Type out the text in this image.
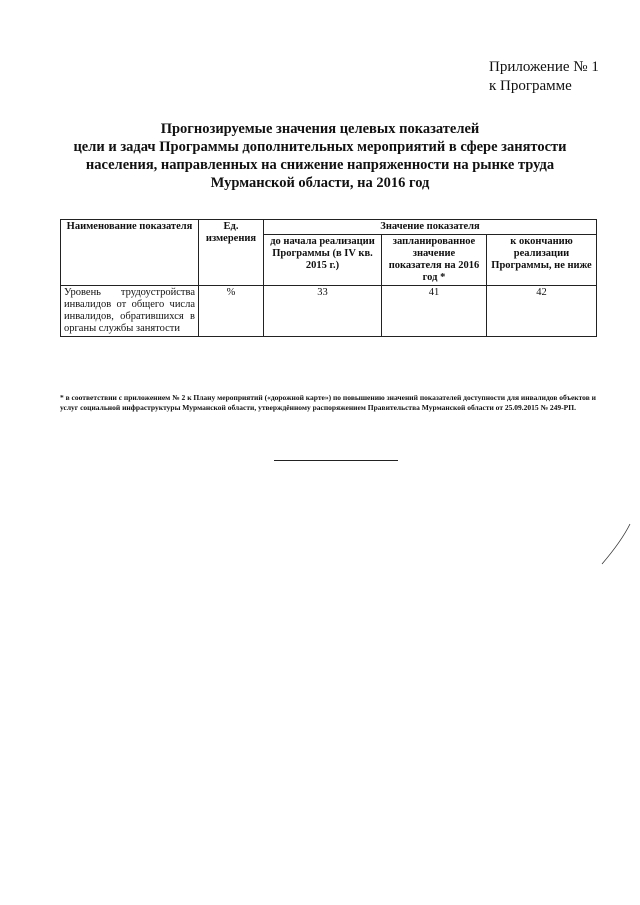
Приложение № 1
к Программе
Прогнозируемые значения целевых показателей
цели и задач Программы дополнительных мероприятий в сфере занятости
населения, направленных на снижение напряженности на рынке труда
Мурманской области, на 2016 год
Наименование показателя	Ед. измерения	Значение показателя		
		до начала реализации Программы (в IV кв. 2015 г.)	запланированное значение показателя на 2016 год *	к окончанию реализации Программы, не ниже
Уровень трудоустройства инвалидов от общего числа инвалидов, обратившихся в органы службы занятости	%	33	41	42
* в соответствии с приложением № 2 к Плану мероприятий («дорожной карте») по повышению значений показателей доступности для инвалидов объектов и услуг социальной инфраструктуры Мурманской области, утверждённому распоряжением Правительства Мурманской области от 25.09.2015 № 249-РП.
